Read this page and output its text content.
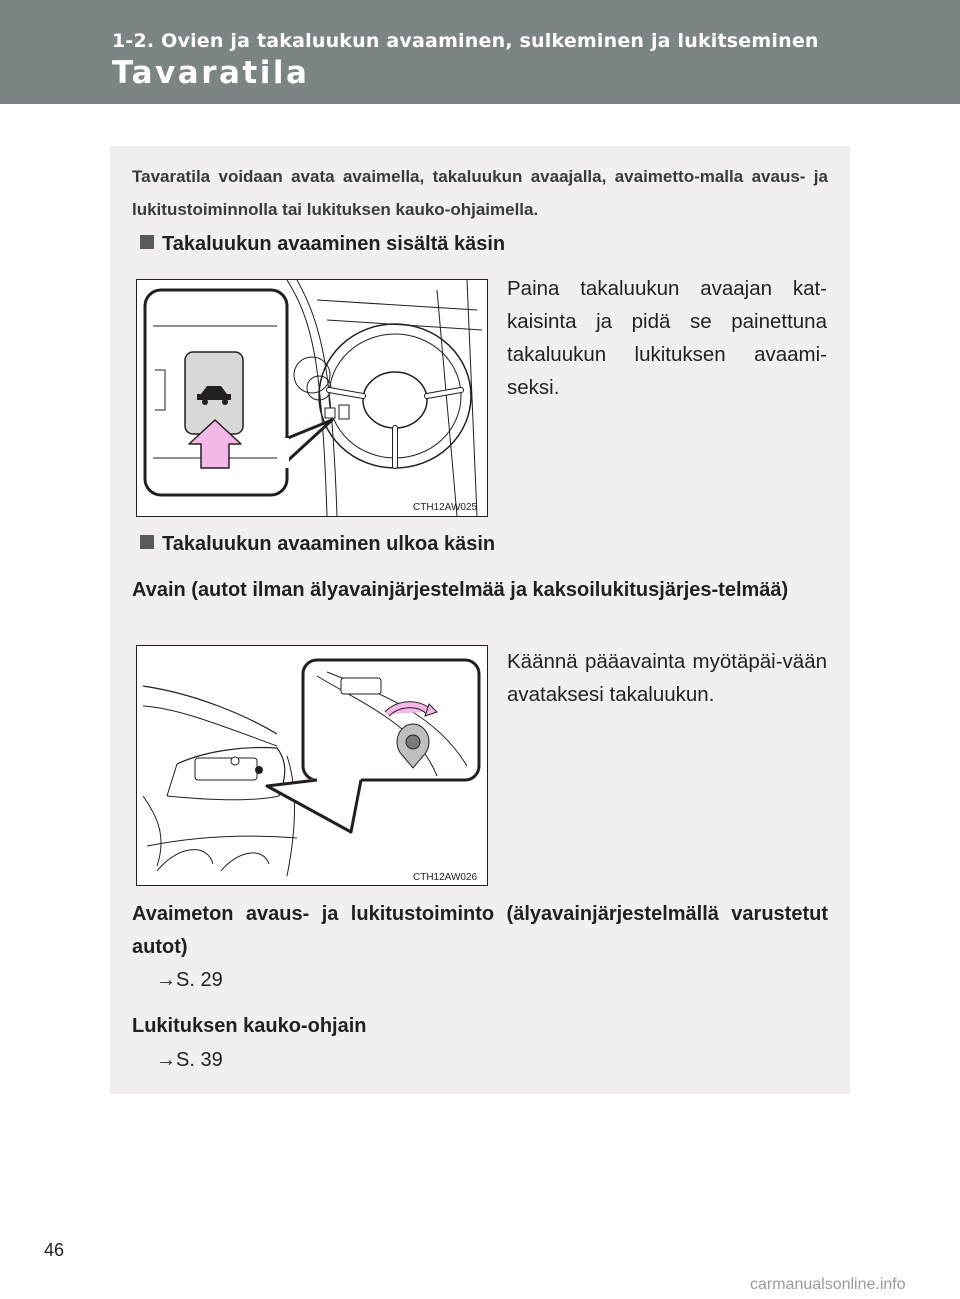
1-2. Ovien ja takaluukun avaaminen, sulkeminen ja lukitseminen
Tavaratila
Tavaratila voidaan avata avaimella, takaluukun avaajalla, avaimetto-malla avaus- ja lukitustoiminnolla tai lukituksen kauko-ohjaimella.
Takaluukun avaaminen sisältä käsin
CTH12AW025
Paina takaluukun avaajan kat-kaisinta ja pidä se painettuna takaluukun lukituksen avaami-seksi.
Takaluukun avaaminen ulkoa käsin
Avain (autot ilman älyavainjärjestelmää ja kaksoilukitusjärjes-telmää)
CTH12AW026
Käännä pääavainta myötäpäi-vään avataksesi takaluukun.
Avaimeton avaus- ja lukitustoiminto (älyavainjärjestelmällä varustetut autot)
→S. 29
Lukituksen kauko-ohjain
→S. 39
46
carmanualsonline.info
